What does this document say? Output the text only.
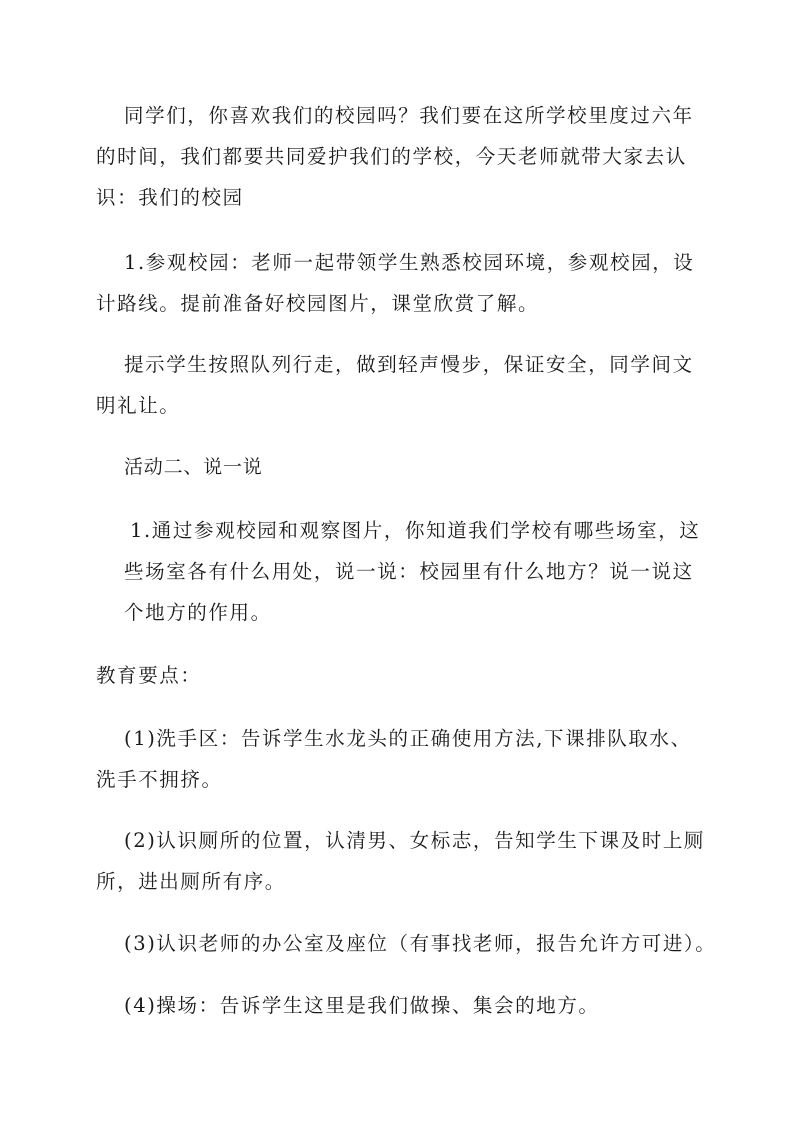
同学们，你喜欢我们的校园吗？我们要在这所学校里度过六年

的时间，我们都要共同爱护我们的学校，今天老师就带大家去认

识：我们的校园

1.参观校园：老师一起带领学生熟悉校园环境，参观校园，设

计路线。提前准备好校园图片，课堂欣赏了解。

提示学生按照队列行走，做到轻声慢步，保证安全，同学间文

明礼让。

活动二、说一说

1.通过参观校园和观察图片，你知道我们学校有哪些场室，这

些场室各有什么用处，说一说：校园里有什么地方？说一说这

个地方的作用。

教育要点：

(1)洗手区：告诉学生水龙头的正确使用方法,下课排队取水、

洗手不拥挤。

(2)认识厕所的位置，认清男、女标志，告知学生下课及时上厕

所，进出厕所有序。

(3)认识老师的办公室及座位（有事找老师，报告允许方可进）。

(4)操场：告诉学生这里是我们做操、集会的地方。
